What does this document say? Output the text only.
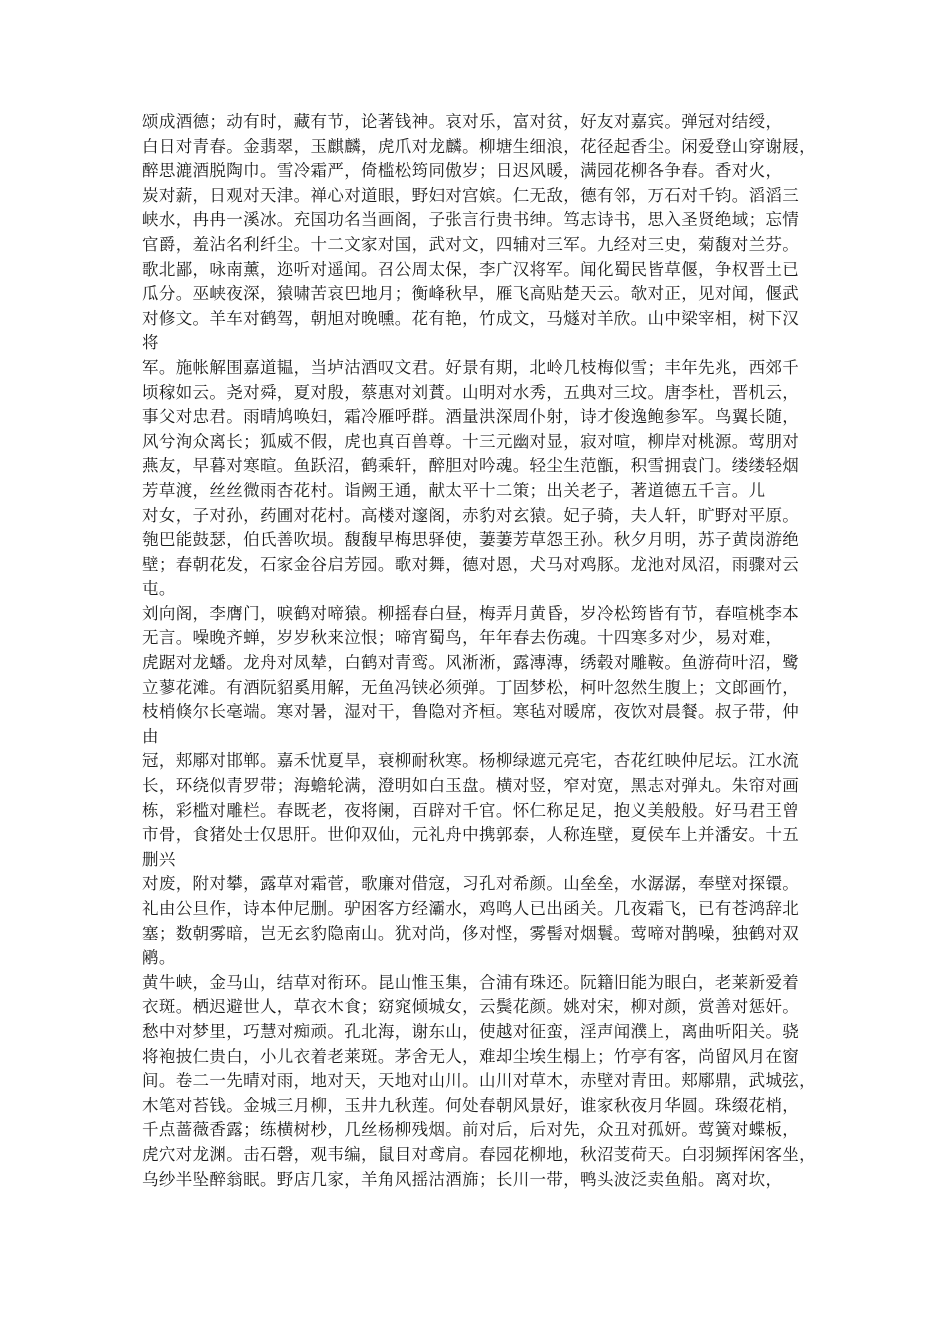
颂成酒德；动有时，藏有节，论著钱神。哀对乐，富对贫，好友对嘉宾。弹冠对结绶，
白日对青春。金翡翠，玉麒麟，虎爪对龙麟。柳塘生细浪，花径起香尘。闲爱登山穿谢屐，
醉思漉酒脱陶巾。雪冷霜严，倚槛松筠同傲岁；日迟风暖，满园花柳各争春。香对火，
炭对薪，日观对天津。禅心对道眼，野妇对宫嫔。仁无敌，德有邻，万石对千钧。滔滔三
峡水，冉冉一溪冰。充国功名当画阁，子张言行贵书绅。笃志诗书，思入圣贤绝域；忘情
官爵，羞沾名利纤尘。十二文家对国，武对文，四辅对三军。九经对三史，菊馥对兰芬。
歌北鄙，咏南薰，迩听对遥闻。召公周太保，李广汉将军。闻化蜀民皆草偃，争权晋土已
瓜分。巫峡夜深，猿啸苦哀巴地月；衡峰秋早，雁飞高贴楚天云。欹对正，见对闻，偃武
对修文。羊车对鹤驾，朝旭对晚曛。花有艳，竹成文，马燧对羊欣。山中梁宰相，树下汉
将
军。施帐解围嘉道韫，当垆沽酒叹文君。好景有期，北岭几枝梅似雪；丰年先兆，西郊千
顷稼如云。尧对舜，夏对殷，蔡惠对刘蕡。山明对水秀，五典对三坟。唐李杜，晋机云，
事父对忠君。雨晴鸠唤妇，霜冷雁呼群。酒量洪深周仆射，诗才俊逸鲍参军。鸟翼长随，
风兮洵众离长；狐威不假，虎也真百兽尊。十三元幽对显，寂对喧，柳岸对桃源。莺朋对
燕友，早暮对寒暄。鱼跃沼，鹤乘轩，醉胆对吟魂。轻尘生范甑，积雪拥袁门。缕缕轻烟
芳草渡，丝丝微雨杏花村。诣阙王通，献太平十二策；出关老子，著道德五千言。儿
对女，子对孙，药圃对花村。高楼对邃阁，赤豹对玄猿。妃子骑，夫人轩，旷野对平原。
匏巴能鼓瑟，伯氏善吹埙。馥馥早梅思驿使，萋萋芳草怨王孙。秋夕月明，苏子黄岗游绝
壁；春朝花发，石家金谷启芳园。歌对舞，德对恩，犬马对鸡豚。龙池对凤沼，雨骤对云
屯。
刘向阁，李膺门，唳鹤对啼猿。柳摇春白昼，梅弄月黄昏，岁冷松筠皆有节，春喧桃李本
无言。噪晚齐蝉，岁岁秋来泣恨；啼宵蜀鸟，年年春去伤魂。十四寒多对少，易对难，
虎踞对龙蟠。龙舟对凤辇，白鹤对青鸾。风淅淅，露漙漙，绣毂对雕鞍。鱼游荷叶沼，鹭
立蓼花滩。有酒阮貂奚用解，无鱼冯铗必须弹。丁固梦松，柯叶忽然生腹上；文郎画竹，
枝梢倏尔长毫端。寒对暑，湿对干，鲁隐对齐桓。寒毡对暖席，夜饮对晨餐。叔子带，仲
由
冠，郏鄏对邯郸。嘉禾忧夏旱，衰柳耐秋寒。杨柳绿遮元亮宅，杏花红映仲尼坛。江水流
长，环绕似青罗带；海蟾轮满，澄明如白玉盘。横对竖，窄对宽，黑志对弹丸。朱帘对画
栋，彩槛对雕栏。春既老，夜将阑，百辟对千官。怀仁称足足，抱义美般般。好马君王曾
市骨，食猪处士仅思肝。世仰双仙，元礼舟中携郭泰，人称连壁，夏侯车上并潘安。十五
删兴
对废，附对攀，露草对霜菅，歌廉对借寇，习孔对希颜。山垒垒，水潺潺，奉壁对探镮。
礼由公旦作，诗本仲尼删。驴困客方经灞水，鸡鸣人已出函关。几夜霜飞，已有苍鸿辞北
塞；数朝雾暗，岂无玄豹隐南山。犹对尚，侈对悭，雾髻对烟鬟。莺啼对鹊噪，独鹤对双
鹇。
黄牛峡，金马山，结草对衔环。昆山惟玉集，合浦有珠还。阮籍旧能为眼白，老莱新爱着
衣斑。栖迟避世人，草衣木食；窈窕倾城女，云鬓花颜。姚对宋，柳对颜，赏善对惩奸。
愁中对梦里，巧慧对痴顽。孔北海，谢东山，使越对征蛮，淫声闻濮上，离曲听阳关。骁
将袍披仁贵白，小儿衣着老莱斑。茅舍无人，难却尘埃生榻上；竹亭有客，尚留风月在窗
间。卷二一先晴对雨，地对天，天地对山川。山川对草木，赤壁对青田。郏鄏鼎，武城弦，
木笔对苔钱。金城三月柳，玉井九秋莲。何处春朝风景好，谁家秋夜月华圆。珠缀花梢，
千点蔷薇香露；练横树杪，几丝杨柳残烟。前对后，后对先，众丑对孤妍。莺簧对蝶板，
虎穴对龙渊。击石磬，观韦编，鼠目对鸢肩。春园花柳地，秋沼芰荷天。白羽频挥闲客坐，
乌纱半坠醉翁眠。野店几家，羊角风摇沽酒旆；长川一带，鸭头波泛卖鱼船。离对坎，
